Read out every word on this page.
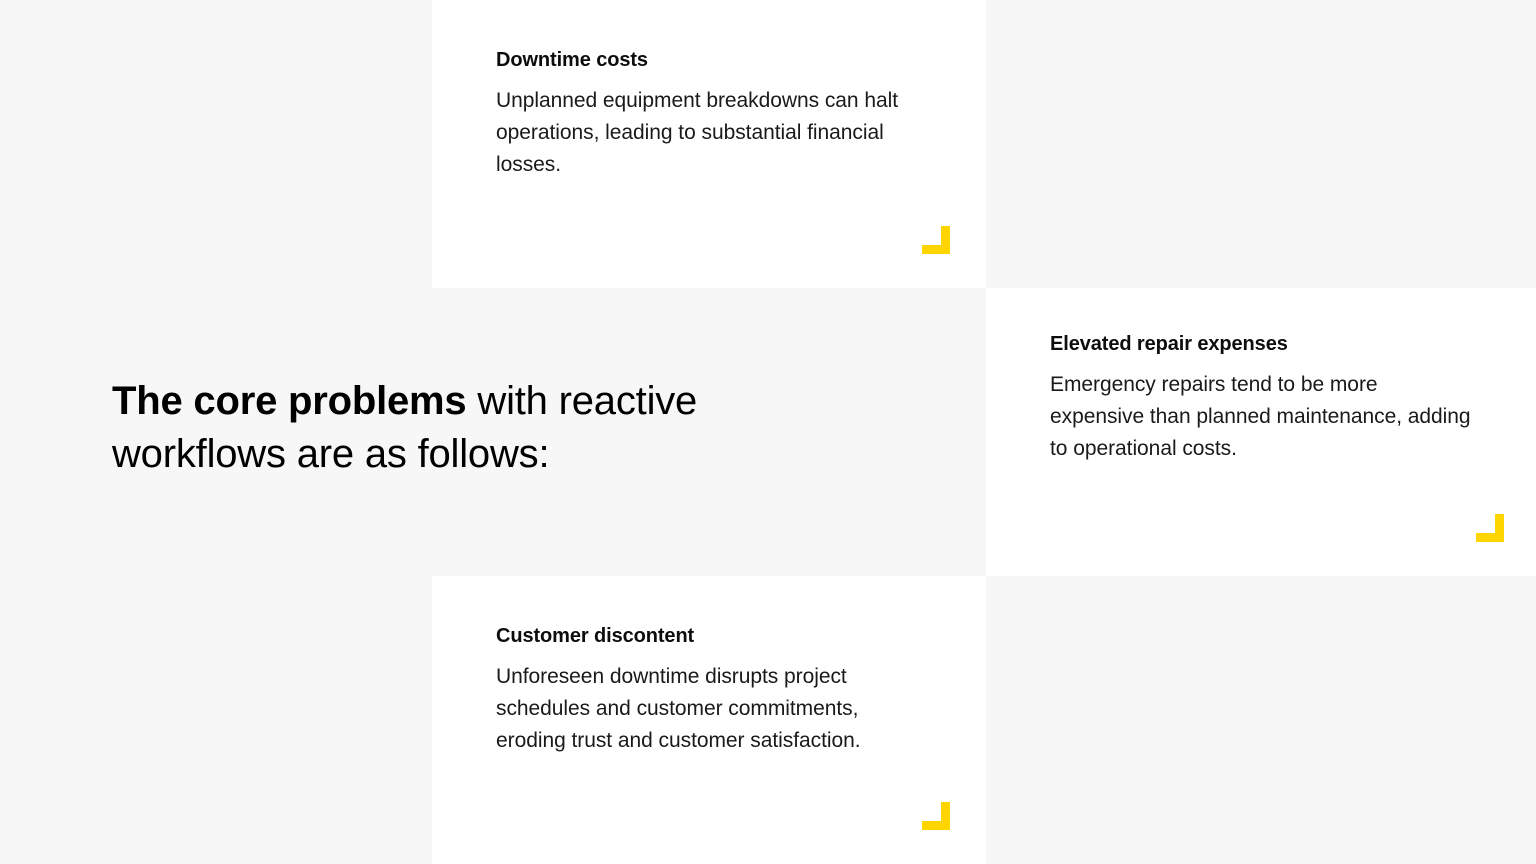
The core problems with reactive workflows are as follows:

Downtime costs

Unplanned equipment breakdowns can halt operations, leading to substantial financial losses.

Elevated repair expenses

Emergency repairs tend to be more expensive than planned maintenance, adding to operational costs.

Customer discontent

Unforeseen downtime disrupts project schedules and customer commitments, eroding trust and customer satisfaction.
